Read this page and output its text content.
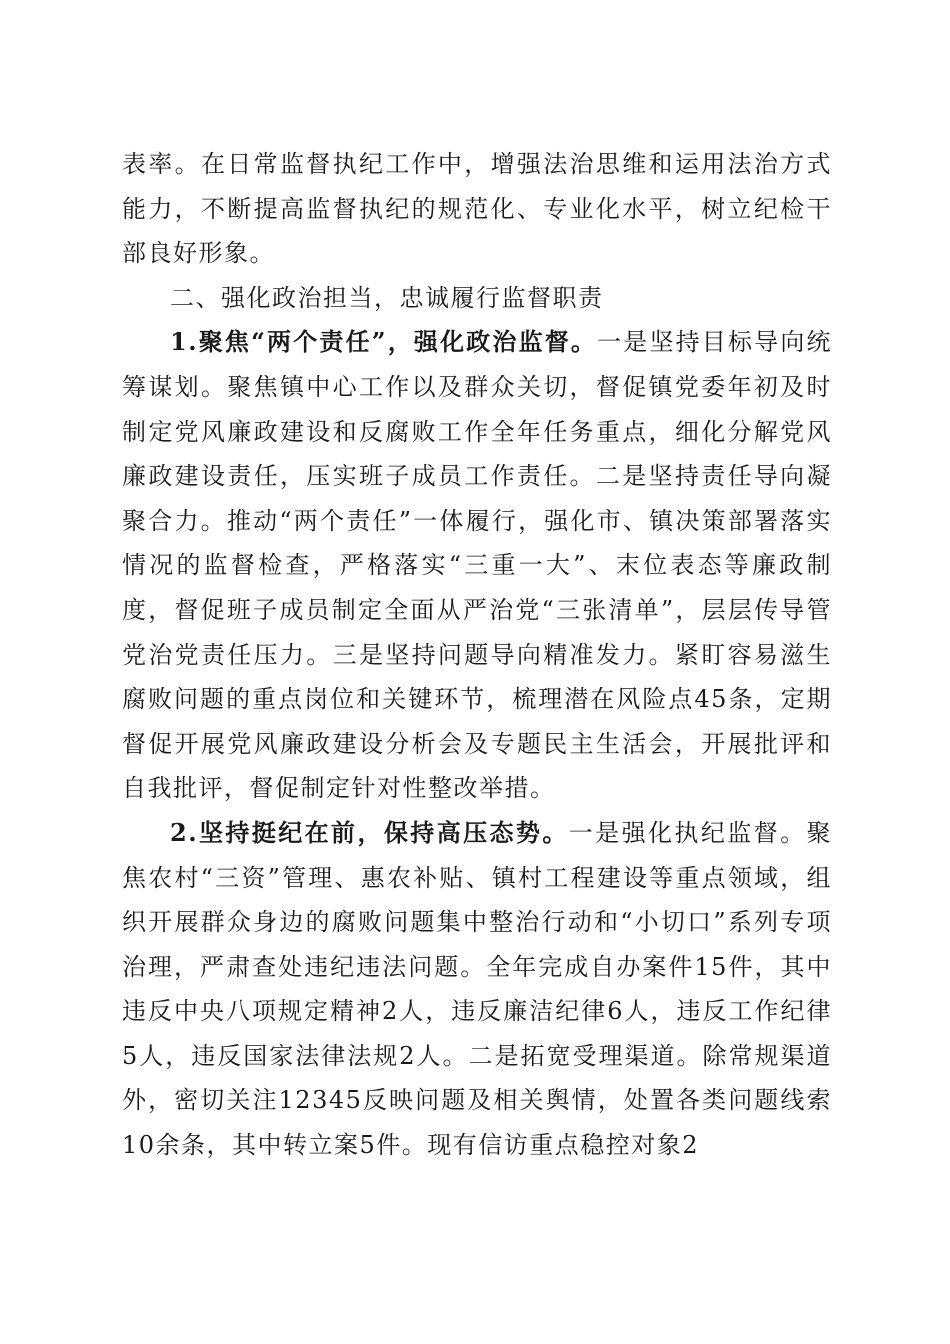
表率。在日常监督执纪工作中，增强法治思维和运用法治方式能力，不断提高监督执纪的规范化、专业化水平，树立纪检干部良好形象。

二、强化政治担当，忠诚履行监督职责

1.聚焦“两个责任”，强化政治监督。一是坚持目标导向统筹谋划。聚焦镇中心工作以及群众关切，督促镇党委年初及时制定党风廉政建设和反腐败工作全年任务重点，细化分解党风廉政建设责任，压实班子成员工作责任。二是坚持责任导向凝聚合力。推动“两个责任”一体履行，强化市、镇决策部署落实情况的监督检查，严格落实“三重一大”、末位表态等廉政制度，督促班子成员制定全面从严治党“三张清单”，层层传导管党治党责任压力。三是坚持问题导向精准发力。紧盯容易滋生腐败问题的重点岗位和关键环节，梳理潜在风险点45条，定期督促开展党风廉政建设分析会及专题民主生活会，开展批评和自我批评，督促制定针对性整改举措。

2.坚持挺纪在前，保持高压态势。一是强化执纪监督。聚焦农村“三资”管理、惠农补贴、镇村工程建设等重点领域，组织开展群众身边的腐败问题集中整治行动和“小切口”系列专项治理，严肃查处违纪违法问题。全年完成自办案件15件，其中违反中央八项规定精神2人，违反廉洁纪律6人，违反工作纪律5人，违反国家法律法规2人。二是拓宽受理渠道。除常规渠道外，密切关注12345反映问题及相关舆情，处置各类问题线索10余条，其中转立案5件。现有信访重点稳控对象2
